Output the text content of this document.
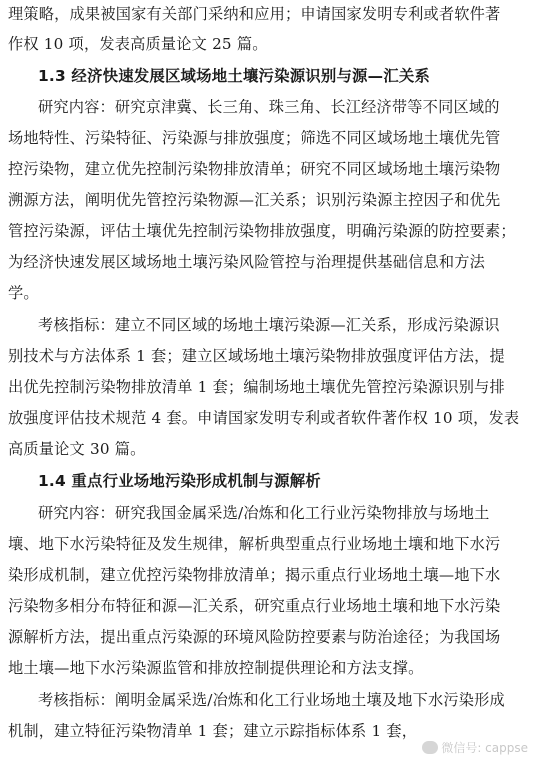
理策略，成果被国家有关部门采纳和应用；申请国家发明专利或者软件著
作权 10 项，发表高质量论文 25 篇。
1.3 经济快速发展区域场地土壤污染源识别与源—汇关系
研究内容：研究京津冀、长三角、珠三角、长江经济带等不同区域的
场地特性、污染特征、污染源与排放强度；筛选不同区域场地土壤优先管
控污染物，建立优先控制污染物排放清单；研究不同区域场地土壤污染物
溯源方法，阐明优先管控污染物源—汇关系；识别污染源主控因子和优先
管控污染源，评估土壤优先控制污染物排放强度，明确污染源的防控要素；
为经济快速发展区域场地土壤污染风险管控与治理提供基础信息和方法
学。
考核指标：建立不同区域的场地土壤污染源—汇关系，形成污染源识
别技术与方法体系 1 套；建立区域场地土壤污染物排放强度评估方法，提
出优先控制污染物排放清单 1 套；编制场地土壤优先管控污染源识别与排
放强度评估技术规范 4 套。申请国家发明专利或者软件著作权 10 项，发表
高质量论文 30 篇。
1.4 重点行业场地污染形成机制与源解析
研究内容：研究我国金属采选/冶炼和化工行业污染物排放与场地土
壤、地下水污染特征及发生规律，解析典型重点行业场地土壤和地下水污
染形成机制，建立优控污染物排放清单；揭示重点行业场地土壤—地下水
污染物多相分布特征和源—汇关系，研究重点行业场地土壤和地下水污染
源解析方法，提出重点污染源的环境风险防控要素与防治途径；为我国场
地土壤—地下水污染源监管和排放控制提供理论和方法支撑。
考核指标：阐明金属采选/冶炼和化工行业场地土壤及地下水污染形成
机制，建立特征污染物清单 1 套；建立示踪指标体系 1 套，
微信号: cappse
